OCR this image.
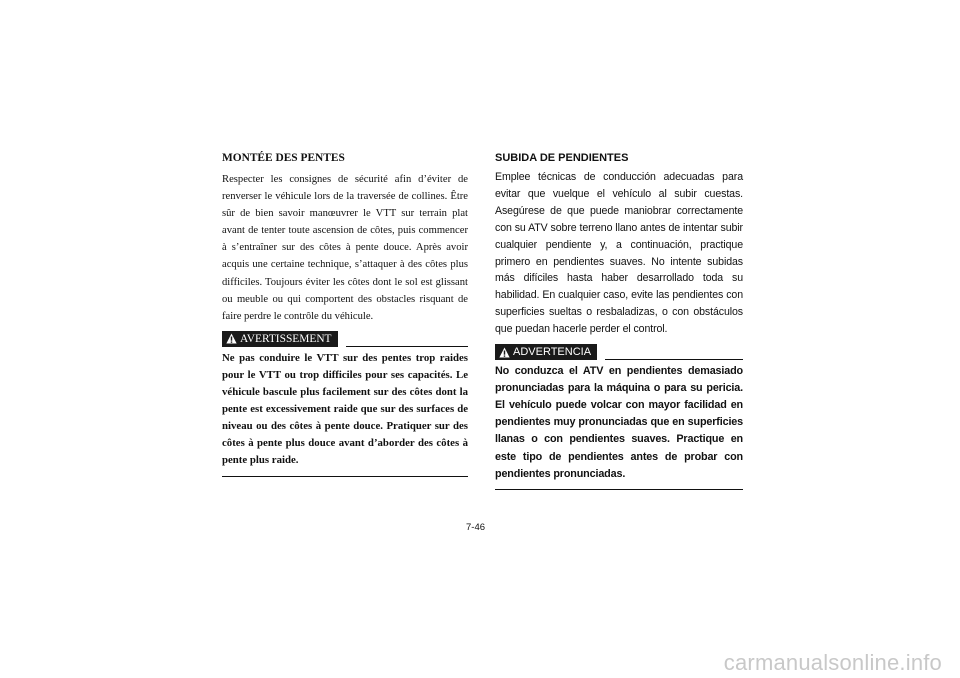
MONTÉE DES PENTES

Respecter les consignes de sécurité afin d’éviter de renverser le véhicule lors de la traversée de collines. Être sûr de bien savoir manœuvrer le VTT sur terrain plat avant de tenter toute ascension de côtes, puis commencer à s’entraîner sur des côtes à pente douce. Après avoir acquis une certaine technique, s’attaquer à des côtes plus difficiles. Toujours éviter les côtes dont le sol est glissant ou meuble ou qui comportent des obstacles risquant de faire perdre le contrôle du véhicule.

AVERTISSEMENT

Ne pas conduire le VTT sur des pentes trop raides pour le VTT ou trop difficiles pour ses capacités. Le véhicule bascule plus facilement sur des côtes dont la pente est excessivement raide que sur des surfaces de niveau ou des côtes à pente douce. Pratiquer sur des côtes à pente plus douce avant d’aborder des côtes à pente plus raide.

SUBIDA DE PENDIENTES

Emplee técnicas de conducción adecuadas para evitar que vuelque el vehículo al subir cuestas. Asegúrese de que puede maniobrar correctamente con su ATV sobre terreno llano antes de intentar subir cualquier pendiente y, a continuación, practique primero en pendientes suaves. No intente subidas más difíciles hasta haber desarrollado toda su habilidad. En cualquier caso, evite las pendientes con superficies sueltas o resbaladizas, o con obstáculos que puedan hacerle perder el control.

ADVERTENCIA

No conduzca el ATV en pendientes demasiado pronunciadas para la máquina o para su pericia. El vehículo puede volcar con mayor facilidad en pendientes muy pronunciadas que en superficies llanas o con pendientes suaves. Practique en este tipo de pendientes antes de probar con pendientes pronunciadas.

7-46
carmanualsonline.info
